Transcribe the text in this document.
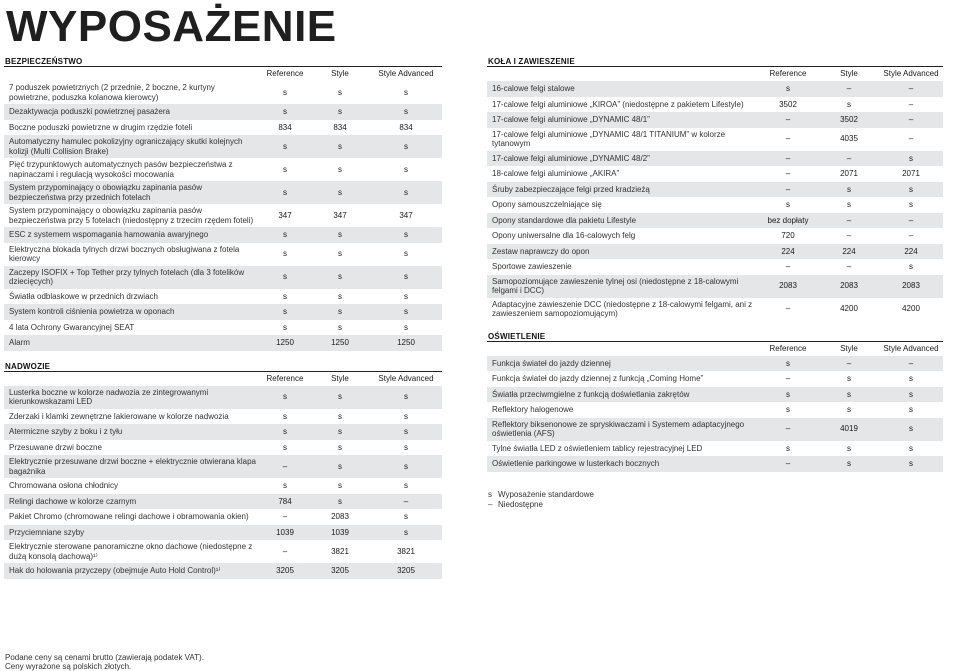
WYPOSAŻENIE
BEZPIECZEŃSTWO
Reference	Style	Style Advanced
7 poduszek powietrznych (2 przednie, 2 boczne, 2 kurtyny powietrzne, poduszka kolanowa kierowcy)
s	s	s
Dezaktywacja poduszki powietrznej pasażera	s	s	s
Boczne poduszki powietrzne w drugim rzędzie foteli	834	834	834
Automatyczny hamulec pokolizyjny ograniczający skutki kolejnych kolizji (Multi Collision Brake)
s	s	s
Pięć trzypunktowych automatycznych pasów bezpieczeństwa z napinaczami i regulacją wysokości mocowania
s	s	s
System przypominający o obowiązku zapinania pasów bezpieczeństwa przy przednich fotelach
s	s	s
System przypominający o obowiązku zapinania pasów bezpieczeństwa przy 5 fotelach (niedostępny z trzecim rzędem foteli)
347	347	347
ESC z systemem wspomagania hamowania awaryjnego	s	s	s
Elektryczna blokada tylnych drzwi bocznych obsługiwana z fotela kierowcy
s	s	s
Zaczepy ISOFIX + Top Tether przy tylnych fotelach (dla 3 fotelików dziecięcych)
s	s	s
Światła odblaskowe w przednich drzwiach	s	s	s
System kontroli ciśnienia powietrza w oponach	s	s	s
4 lata Ochrony Gwarancyjnej SEAT	s	s	s
Alarm	1250	1250	1250
NADWOZIE
Reference	Style	Style Advanced
Lusterka boczne w kolorze nadwozia ze zintegrowanymi kierunkowskazami LED
s	s	s
Zderzaki i klamki zewnętrzne lakierowane w kolorze nadwozia	s	s	s
Atermiczne szyby z boku i z tyłu	s	s	s
Przesuwane drzwi boczne	s	s	s
Elektrycznie przesuwane drzwi boczne + elektrycznie otwierana klapa bagażnika
–	s	s
Chromowana osłona chłodnicy	s	s	s
Relingi dachowe w kolorze czarnym	784	s	–
Pakiet Chromo (chromowane relingi dachowe i obramowania okien)	–	2083	s
Przyciemniane szyby	1039	1039	s
Elektrycznie sterowane panoramiczne okno dachowe (niedostępne z dużą konsolą dachową)¹⁾
–	3821	3821
Hak do holowania przyczepy (obejmuje Auto Hold Control)¹⁾	3205	3205	3205
KOŁA I ZAWIESZENIE
Reference	Style	Style Advanced
16-calowe felgi stalowe	s	–	–
17-calowe felgi aluminiowe „KIROA” (niedostępne z pakietem Lifestyle)	3502	s	–
17-calowe felgi aluminiowe „DYNAMIC 48/1”	–	3502	–
17-calowe felgi aluminiowe „DYNAMIC 48/1 TITANIUM” w kolorze tytanowym
–	4035	–
17-calowe felgi aluminiowe „DYNAMIC 48/2”	–	–	s
18-calowe felgi aluminiowe „AKIRA”	–	2071	2071
Śruby zabezpieczające felgi przed kradzieżą	–	s	s
Opony samouszczelniające się	s	s	s
Opony standardowe dla pakietu Lifestyle	bez dopłaty	–	–
Opony uniwersalne dla 16-calowych felg	720	–	–
Zestaw naprawczy do opon	224	224	224
Sportowe zawieszenie	–	–	s
Samopoziomujące zawieszenie tylnej osi (niedostępne z 18-calowymi felgami i DCC)
2083	2083	2083
Adaptacyjne zawieszenie DCC (niedostępne z 18-calowymi felgami, ani z zawieszeniem samopoziomującym)
–	4200	4200
OŚWIETLENIE
Reference	Style	Style Advanced
Funkcja świateł do jazdy dziennej	s	–	–
Funkcja świateł do jazdy dziennej z funkcją „Coming Home”	–	s	s
Światła przeciwmgielne z funkcją doświetlania zakrętów	s	s	s
Reflektory halogenowe	s	s	s
Reflektory biksenonowe ze spryskiwaczami i Systemem adaptacyjnego oświetlenia (AFS)
–	4019	s
Tylne światła LED z oświetleniem tablicy rejestracyjnej LED	s	s	s
Oświetlenie parkingowe w lusterkach bocznych	–	s	s
s Wyposażenie standardowe
– Niedostępne
Podane ceny są cenami brutto (zawierają podatek VAT).
Ceny wyrażone są polskich złotych.
